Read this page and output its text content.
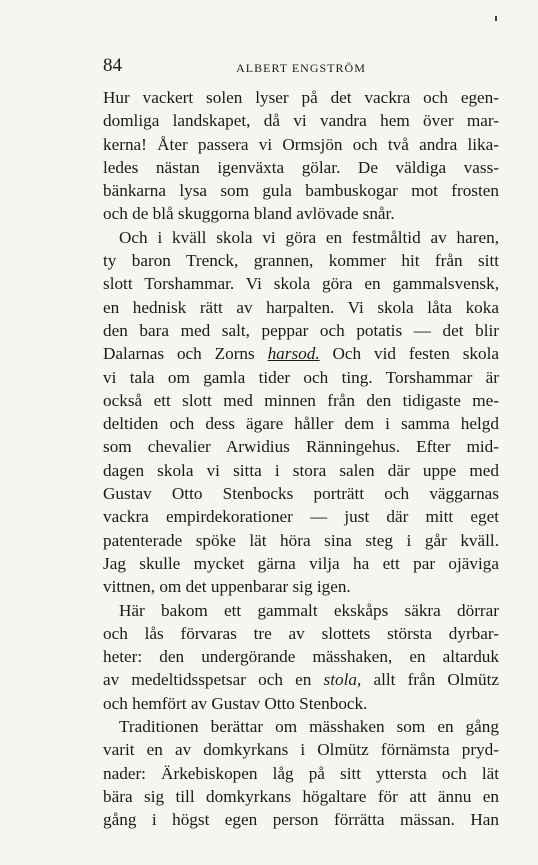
84	ALBERT ENGSTRÖM
Hur vackert solen lyser på det vackra och egen-
domliga landskapet, då vi vandra hem över mar-
kerna! Åter passera vi Ormsjön och två andra lika-
ledes nästan igenväxta gölar. De väldiga vass-
bänkarna lysa som gula bambuskogar mot frosten
och de blå skuggorna bland avlövade snår.
Och i kväll skola vi göra en festmåltid av haren,
ty baron Trenck, grannen, kommer hit från sitt
slott Torshammar. Vi skola göra en gammalsvensk,
en hednisk rätt av harpalten. Vi skola låta koka
den bara med salt, peppar och potatis — det blir
Dalarnas och Zorns harsod. Och vid festen skola
vi tala om gamla tider och ting. Torshammar är
också ett slott med minnen från den tidigaste me-
deltiden och dess ägare håller dem i samma helgd
som chevalier Arwidius Ränningehus. Efter mid-
dagen skola vi sitta i stora salen där uppe med
Gustav Otto Stenbocks porträtt och väggarnas
vackra empirdekorationer — just där mitt eget
patenterade spöke lät höra sina steg i går kväll.
Jag skulle mycket gärna vilja ha ett par ojäviga
vittnen, om det uppenbarar sig igen.
Här bakom ett gammalt ekskåps säkra dörrar
och lås förvaras tre av slottets största dyrbar-
heter: den undergörande mässhaken, en altarduk
av medeltidsspetsar och en stola, allt från Olmütz
och hemfört av Gustav Otto Stenbock.
Traditionen berättar om mässhaken som en gång
varit en av domkyrkans i Olmütz förnämsta pryd-
nader: Ärkebiskopen låg på sitt yttersta och lät
bära sig till domkyrkans högaltare för att ännu en
gång i högst egen person förrätta mässan. Han
